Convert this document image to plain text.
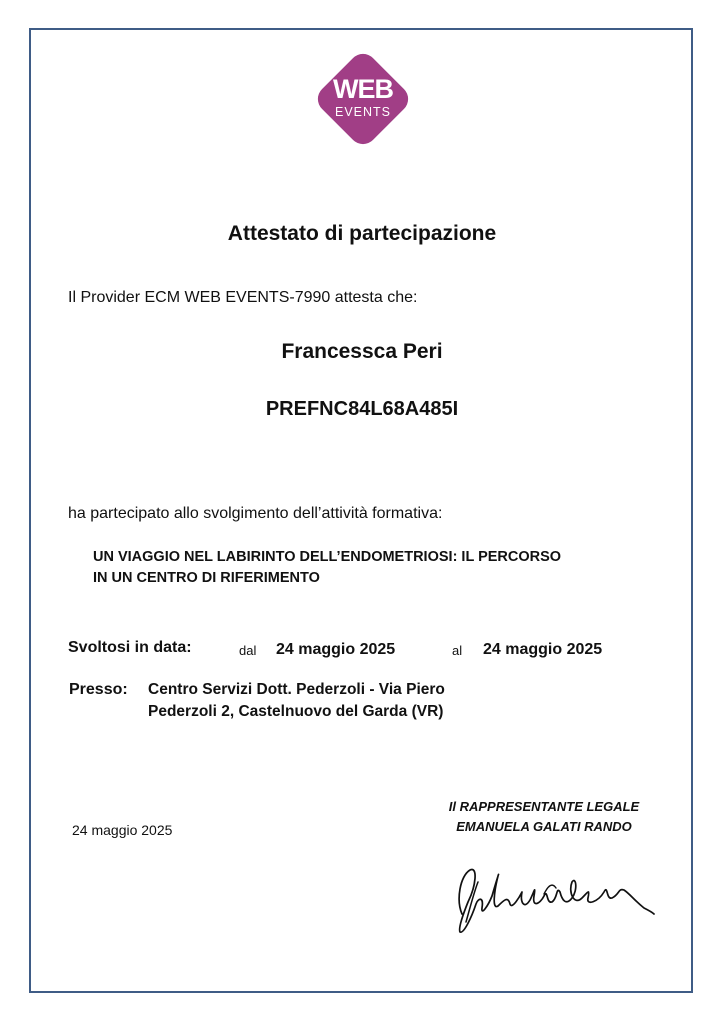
WEB
EVENTS
Attestato di partecipazione
Il Provider ECM WEB EVENTS-7990 attesta che:
Francessca Peri
PREFNC84L68A485I
ha partecipato allo svolgimento dell’attività formativa:
UN VIAGGIO NEL LABIRINTO DELL’ENDOMETRIOSI: IL PERCORSO IN UN CENTRO DI RIFERIMENTO
Svoltosi in data:	dal 24 maggio 2025	al 24 maggio 2025
Presso: Centro Servizi Dott. Pederzoli - Via Piero Pederzoli 2, Castelnuovo del Garda (VR)
24 maggio 2025
Il RAPPRESENTANTE LEGALE
EMANUELA GALATI RANDO
